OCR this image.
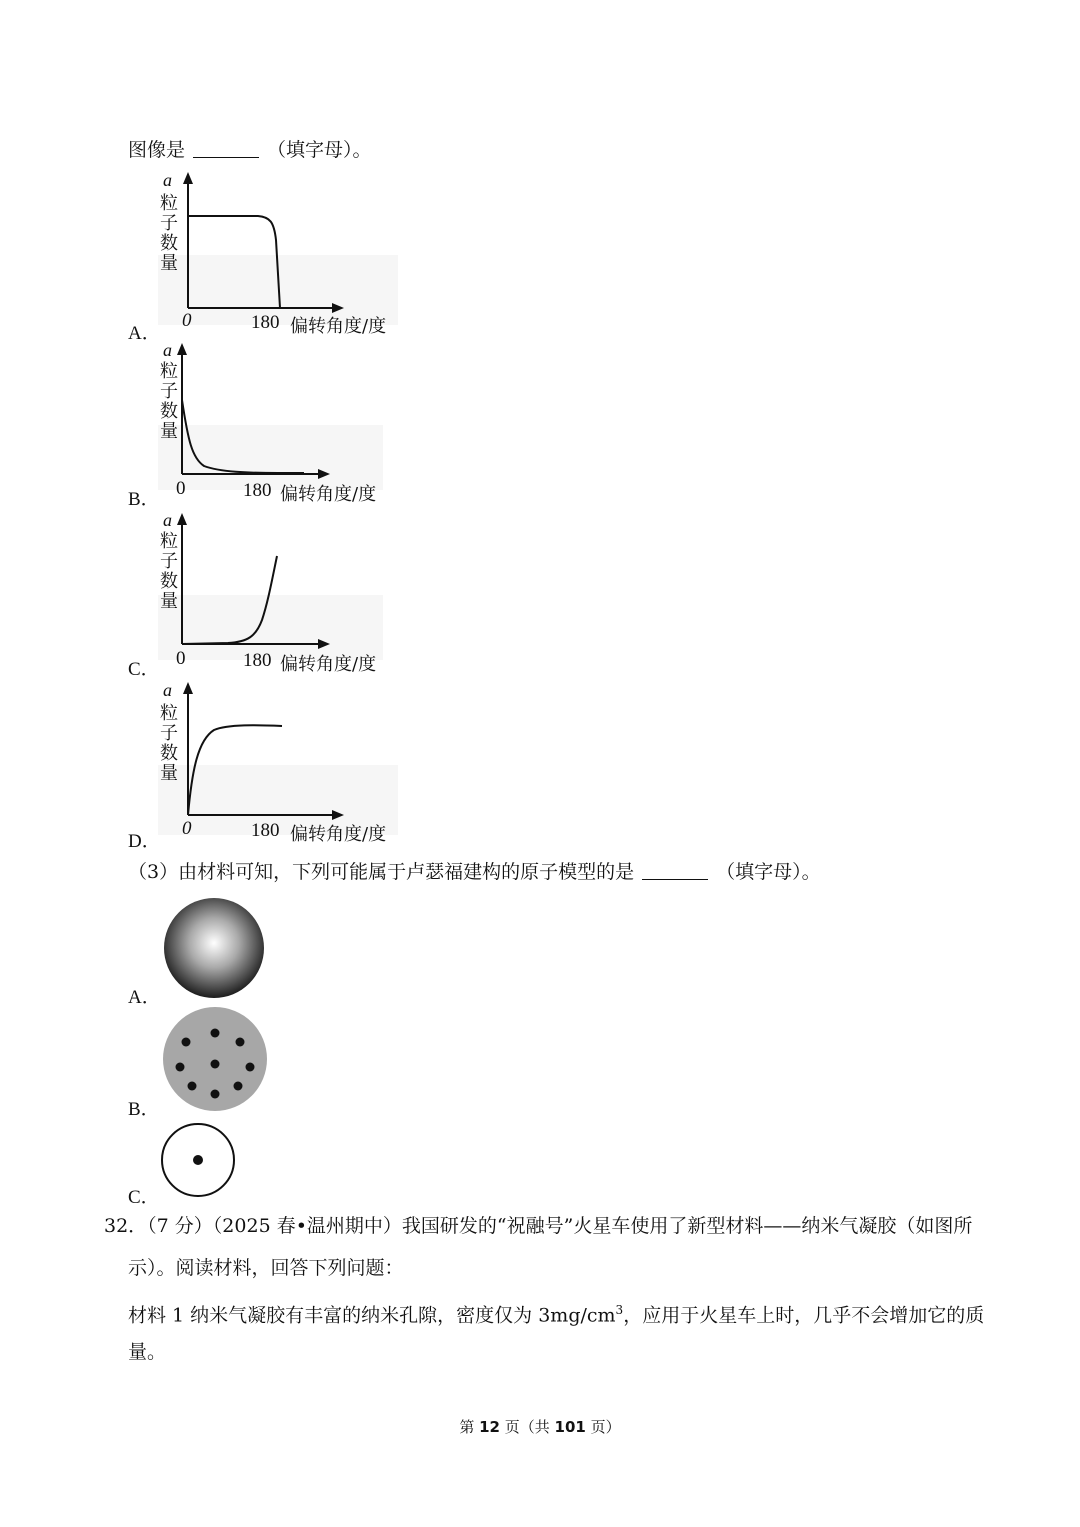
图像是	（填字母）。
a
粒
子
数
量
A．
0	180 偏转角度/度
a
粒
子
数
量
B．
0	180 偏转角度/度
a
粒
子
数
量
C．
0	180 偏转角度/度
a
粒
子
数
量
D．
0	180 偏转角度/度
（3）由材料可知，下列可能属于卢瑟福建构的原子模型的是	（填字母）。
A．
B．
C．
32．（7 分）（2025 春•温州期中）我国研发的“祝融号”火星车使用了新型材料——纳米气凝胶（如图所
示）。阅读材料，回答下列问题：
材料 1 纳米气凝胶有丰富的纳米孔隙，密度仅为 $3mg/cm^3$，应用于火星车上时，几乎不会增加它的质
量。
第 12 页（共 101 页）
